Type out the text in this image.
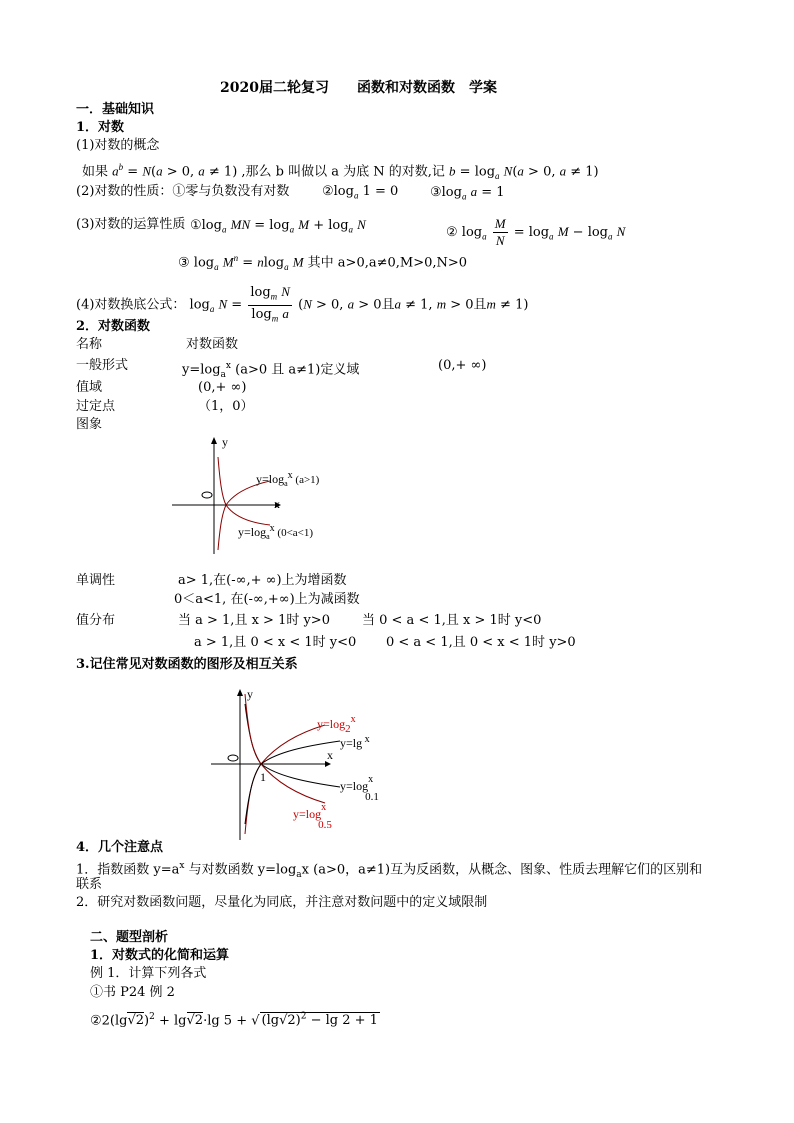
2020届二轮复习　　函数和对数函数　学案
一．基础知识
1．对数
(1)对数的概念
如果 $a^b = N(a > 0$, a ≠ 1) ,那么 b 叫做以 a 为底 N 的对数,记 $b = \log_a N(a > 0$, a ≠ 1)
(2)对数的性质：①零与负数没有对数	$②\log_a$ 1 = 0 $③\log_a$ a = 1
(3)对数的运算性质 $①\log_a$ MN = $\log_a M + \log_a N$
② $\log_a \frac{M}{N} = \log_a M - \log_a N$
③ $\log_a M^n = nlog_a$ M 其中 a>0,a≠0,M>0,N>0
(4)对数换底公式： $\log_a N = \frac{\log_m N}{\log_m a} (N > 0$, a > 0且a ≠ 1, m > 0且m ≠ 1)
2．对数函数
名称	对数函数
一般形式	$y=\log_a^x$ (a>0 且 a≠1)定义域	(0,+ ∞)
值域	(0,+ ∞)
过定点	（1，0）
图象
y
x
$y=\log_a^x$ (a>1)
$y=\log_a^x$ (0<a<1)
单调性	a> 1,在(-∞,+ ∞)上为增函数
0＜a<1, 在(-∞,+∞)上为减函数
值分布	当 a > 1,且 x > 1时 y>0 当 0 < a < 1,且 x > 1时 y<0
a > 1,且 0 < x < 1时 y<0 0 < a < 1,且 0 < x < 1时 y>0
3.记住常见对数函数的图形及相互关系
y
x
1
$y=\log 2^x$
y=lg $^x$
$y=\log^x$ 0.1
$y=\log^x$ 0.5
4．几个注意点
1．指数函数 $y=a^x$ 与对数函数 $y=\log_ax$ (a>0，a≠1)互为反函数，从概念、图象、性质去理解它们的区别和
联系
2．研究对数函数问题，尽量化为同底，并注意对数问题中的定义域限制
二、题型剖析
1．对数式的化简和运算
例 1．计算下列各式
①书 P24 例 2
$②2(\lg√2)^2 + \lg√2\cdot\lg$ 5 + √ $(\lg√2)^2 - \lg 2 + 1$
